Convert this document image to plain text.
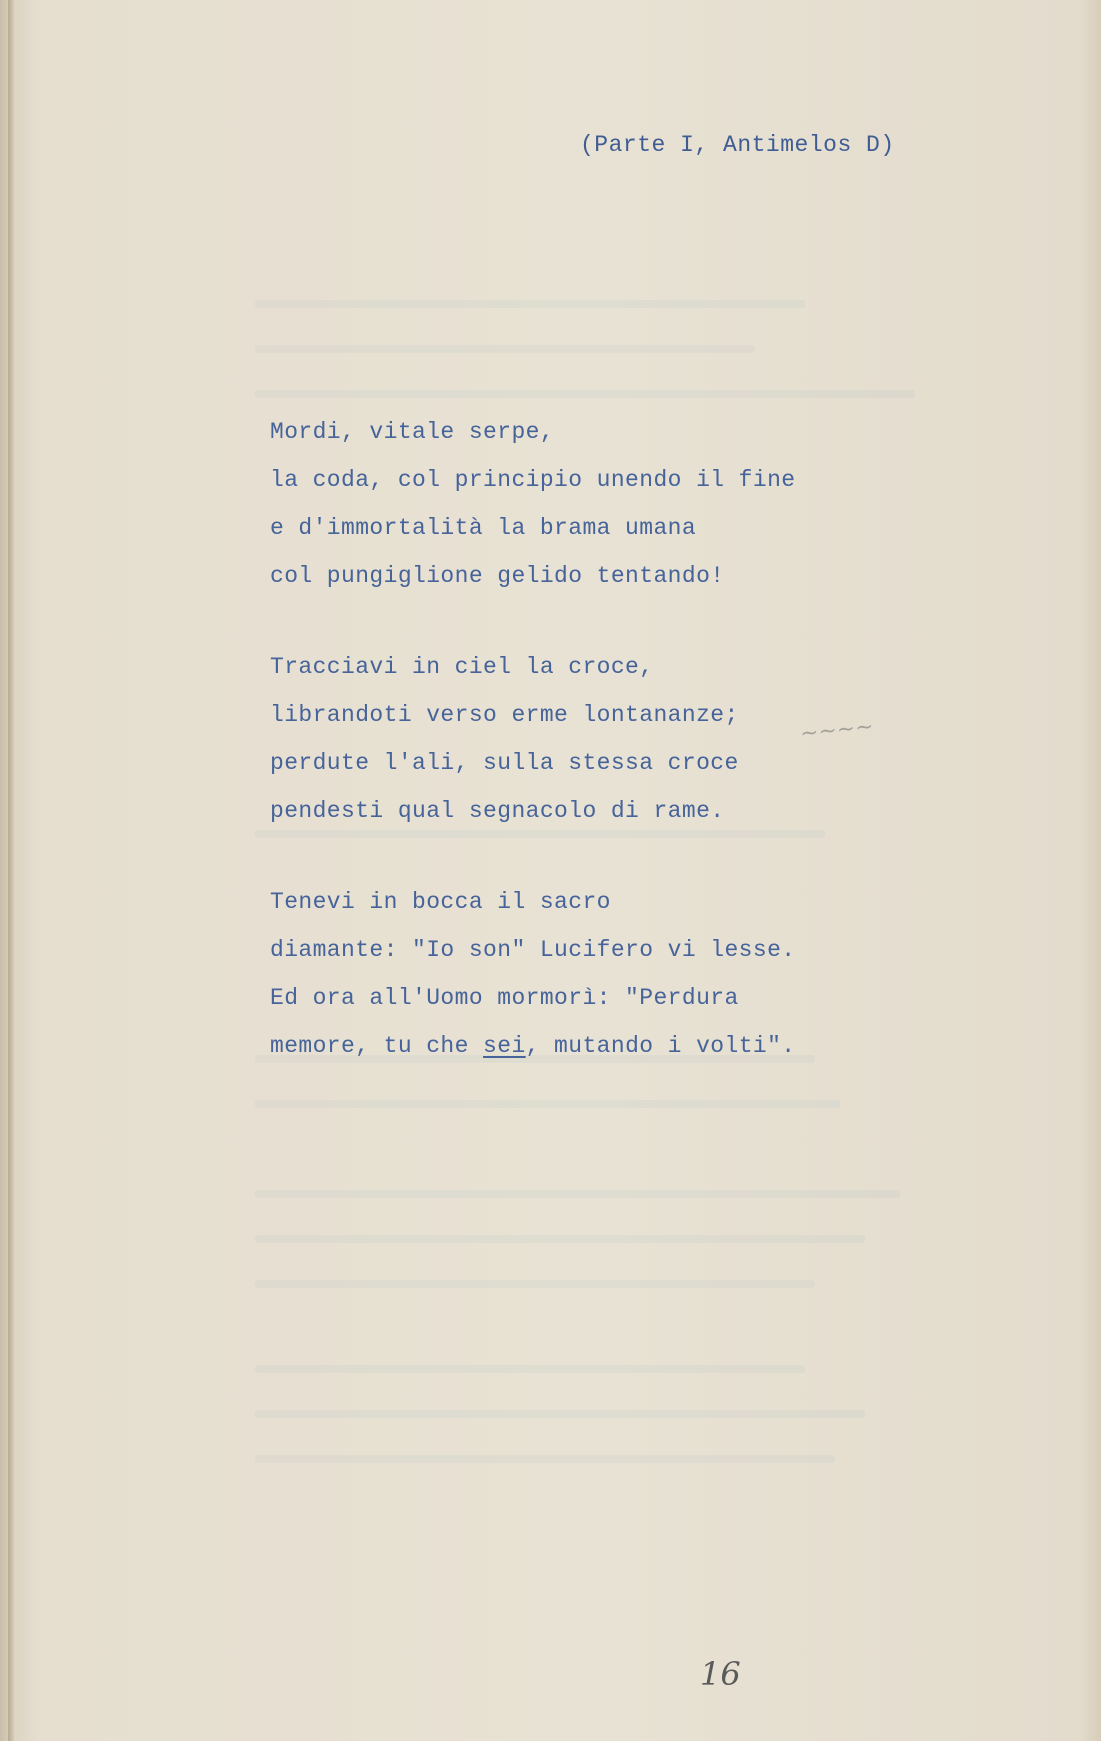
(Parte I, Antimelos D)
Mordi, vitale serpe,
la coda, col principio unendo il fine
e d'immortalità la brama umana
col pungiglione gelido tentando!
Tracciavi in ciel la croce,
librandoti verso erme lontananze;
perdute l'ali, sulla stessa croce
pendesti qual segnacolo di rame.
Tenevi in bocca il sacro
diamante: "Io son" Lucifero vi lesse.
Ed ora all'Uomo mormorì: "Perdura
memore, tu che sei, mutando i volti".
~~~~
16
